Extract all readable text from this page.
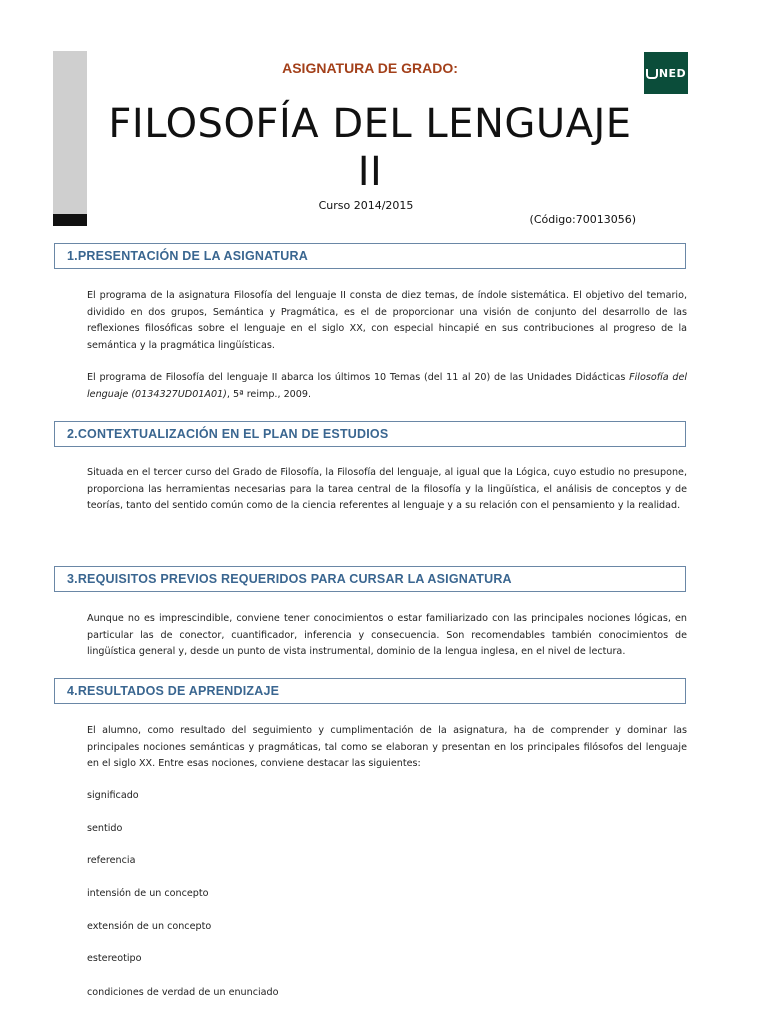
NED
ASIGNATURA DE GRADO:
FILOSOFÍA DEL LENGUAJE II
Curso 2014/2015
(Código:70013056)
1.PRESENTACIÓN DE LA ASIGNATURA
El programa de la asignatura Filosofía del lenguaje II consta de diez temas, de índole sistemática. El objetivo del temario, dividido en dos grupos, Semántica y Pragmática, es el de proporcionar una visión de conjunto del desarrollo de las reflexiones filosóficas sobre el lenguaje en el siglo XX, con especial hincapié en sus contribuciones al progreso de la semántica y la pragmática lingüísticas.
El programa de Filosofía del lenguaje II abarca los últimos 10 Temas (del 11 al 20) de las Unidades Didácticas Filosofía del lenguaje (0134327UD01A01), 5ª reimp., 2009.
2.CONTEXTUALIZACIÓN EN EL PLAN DE ESTUDIOS
Situada en el tercer curso del Grado de Filosofía, la Filosofía del lenguaje, al igual que la Lógica, cuyo estudio no presupone, proporciona las herramientas necesarias para la tarea central de la filosofía y la lingüística, el análisis de conceptos y de teorías, tanto del sentido común como de la ciencia referentes al lenguaje y a su relación con el pensamiento y la realidad.
3.REQUISITOS PREVIOS REQUERIDOS PARA CURSAR LA ASIGNATURA
Aunque no es imprescindible, conviene tener conocimientos o estar familiarizado con las principales nociones lógicas, en particular las de conector, cuantificador, inferencia y consecuencia. Son recomendables también conocimientos de lingüística general y, desde un punto de vista instrumental, dominio de la lengua inglesa, en el nivel de lectura.
4.RESULTADOS DE APRENDIZAJE
El alumno, como resultado del seguimiento y cumplimentación de la asignatura, ha de comprender y dominar las principales nociones semánticas y pragmáticas, tal como se elaboran y presentan en los principales filósofos del lenguaje en el siglo XX. Entre esas nociones, conviene destacar las siguientes:
significado
sentido
referencia
intensión de un concepto
extensión de un concepto
estereotipo
condiciones de verdad de un enunciado
